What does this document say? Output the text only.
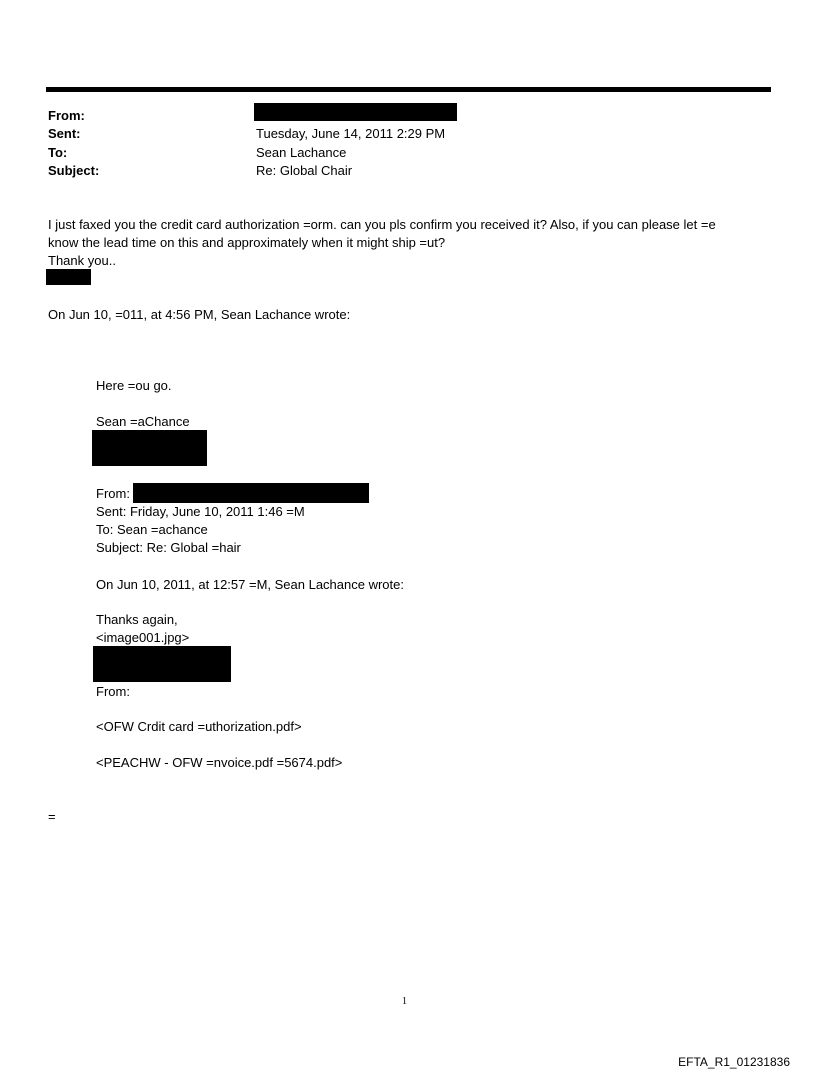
From:
Sent:	Tuesday, June 14, 2011 2:29 PM
To:	Sean Lachance
Subject:	Re: Global Chair
I just faxed you the credit card authorization =orm. can you pls confirm you received it? Also, if you can please let =e
know the lead time on this and approximately when it might ship =ut?
Thank you..
On Jun 10, =011, at 4:56 PM, Sean Lachance wrote:
Here =ou go.
Sean =aChance
From:
Sent: Friday, June 10, 2011 1:46 =M
To: Sean =achance
Subject: Re: Global =hair
On Jun 10, 2011, at 12:57 =M, Sean Lachance wrote:
Thanks again,
<image001.jpg>
From:
<OFW Crdit card =uthorization.pdf>
<PEACHW - OFW =nvoice.pdf =5674.pdf>
=
1
EFTA_R1_01231836
